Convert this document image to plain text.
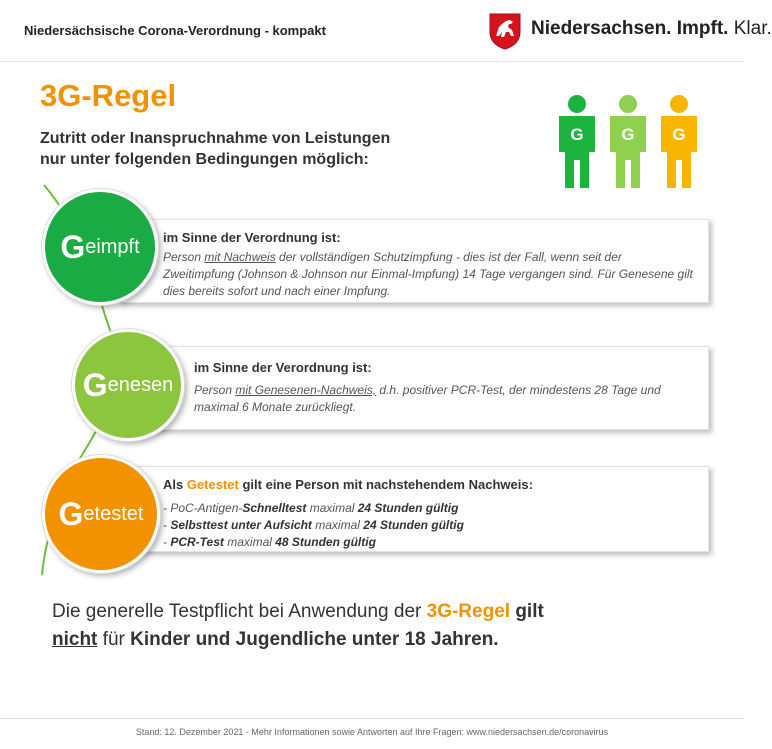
Niedersächsische Corona-Verordnung - kompakt	Niedersachsen. Impft. Klar.
3G-Regel
Zutritt oder Inanspruchnahme von Leistungen
nur unter folgenden Bedingungen möglich:
G G G
im Sinne der Verordnung ist:
Person mit Nachweis der vollständigen Schutzimpfung - dies ist der Fall, wenn seit der Zweitimpfung (Johnson & Johnson nur Einmal-Impfung) 14 Tage vergangen sind. Für Genesene gilt dies bereits sofort und nach einer Impfung.
G eimpft
im Sinne der Verordnung ist:
Person mit Genesenen-Nachweis, d.h. positiver PCR-Test, der mindestens 28 Tage und maximal 6 Monate zurückliegt.
G enesen
Als Getestet gilt eine Person mit nachstehendem Nachweis:
- PoC-Antigen-Schnelltest maximal 24 Stunden gültig
- Selbsttest unter Aufsicht maximal 24 Stunden gültig
- PCR-Test maximal 48 Stunden gültig
G etestet
Die generelle Testpflicht bei Anwendung der 3G-Regel gilt
nicht für Kinder und Jugendliche unter 18 Jahren.
Stand: 12. Dezember 2021 - Mehr Informationen sowie Antworten auf Ihre Fragen: www.niedersachsen.de/coronavirus
